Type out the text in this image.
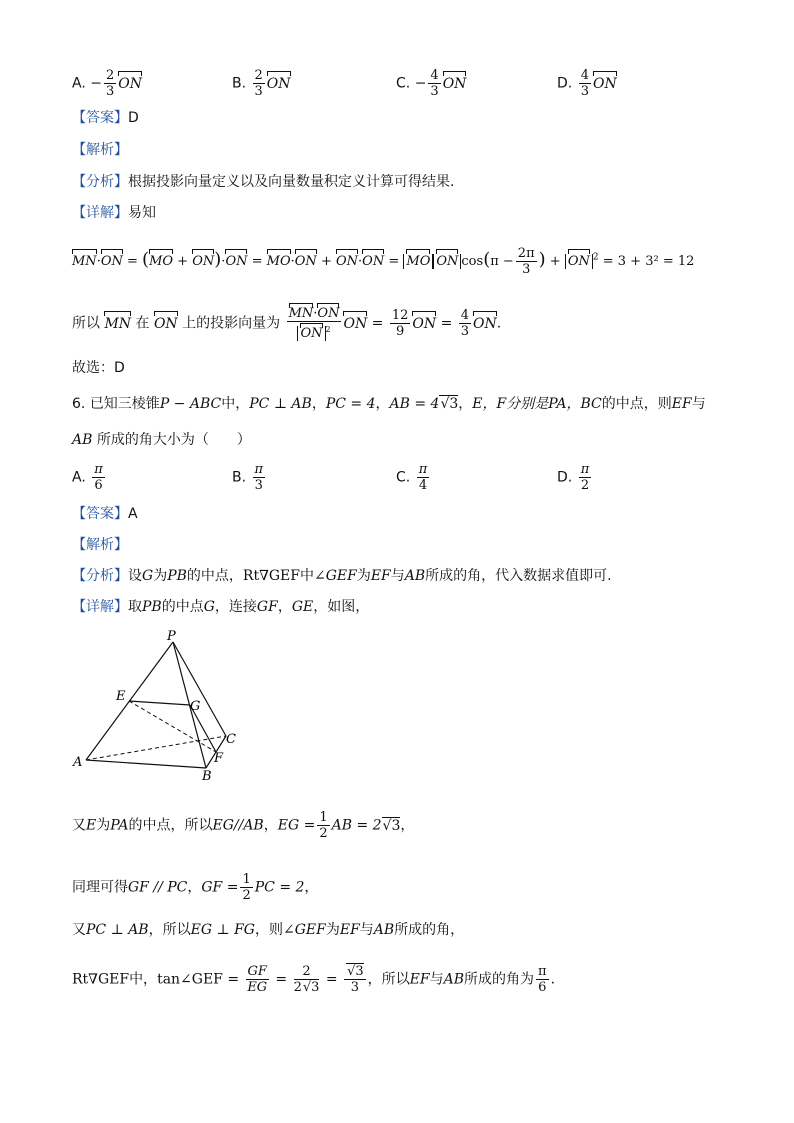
A. − $\frac{2}{3}$ ON	B. $\frac{2}{3}$ ON	C. − $\frac{4}{3}$ ON	D. $\frac{4}{3}$ ON
【答案】D
【解析】
【分析】根据投影向量定义以及向量数量积定义计算可得结果.
【详解】易知
MN·ON = (MO + ON)·ON = MO·ON + ON·ON = MO ON $\cos(\pi - \frac{2\pi}{3}$ ) + ON $^2$ = 3 + 3² = 12
所以 MN 在 ON 上的投影向量为 $\frac{MN\cdot ON}{ON ^2}$ ON = $\frac{12}{9}$ ON = $\frac{4}{3}$ ON.
故选：D
6. 已知三棱锥P − ABC中，PC ⊥ AB，PC = 4，AB = 4√3，E，F分别是PA，BC的中点，则EF与
AB 所成的角大小为（　　）
A. $\frac{\pi}{6}$	B. $\frac{\pi}{3}$	C. $\frac{\pi}{4}$	D. $\frac{\pi}{2}$
【答案】A
【解析】
【分析】设G为PB的中点，Rt∇GEF中∠GEF为EF与AB所成的角，代入数据求值即可.
【详解】取PB的中点G，连接GF，GE，如图，
P
E
G
C
A	F
B
又E为PA的中点，所以EG//AB，EG = $\frac{1}{2}$ AB = 2√3，
同理可得GF // PC，GF = $\frac{1}{2}$ PC = 2，
又PC ⊥ AB，所以EG ⊥ FG，则∠GEF为EF与AB所成的角，
Rt∇GEF中，tan∠GEF = $\frac{GF}{EG} = \frac{2}{2√3} = \frac{√3}{3}$ ，所以EF与AB所成的角为 $\frac{\pi}{6}$ .
